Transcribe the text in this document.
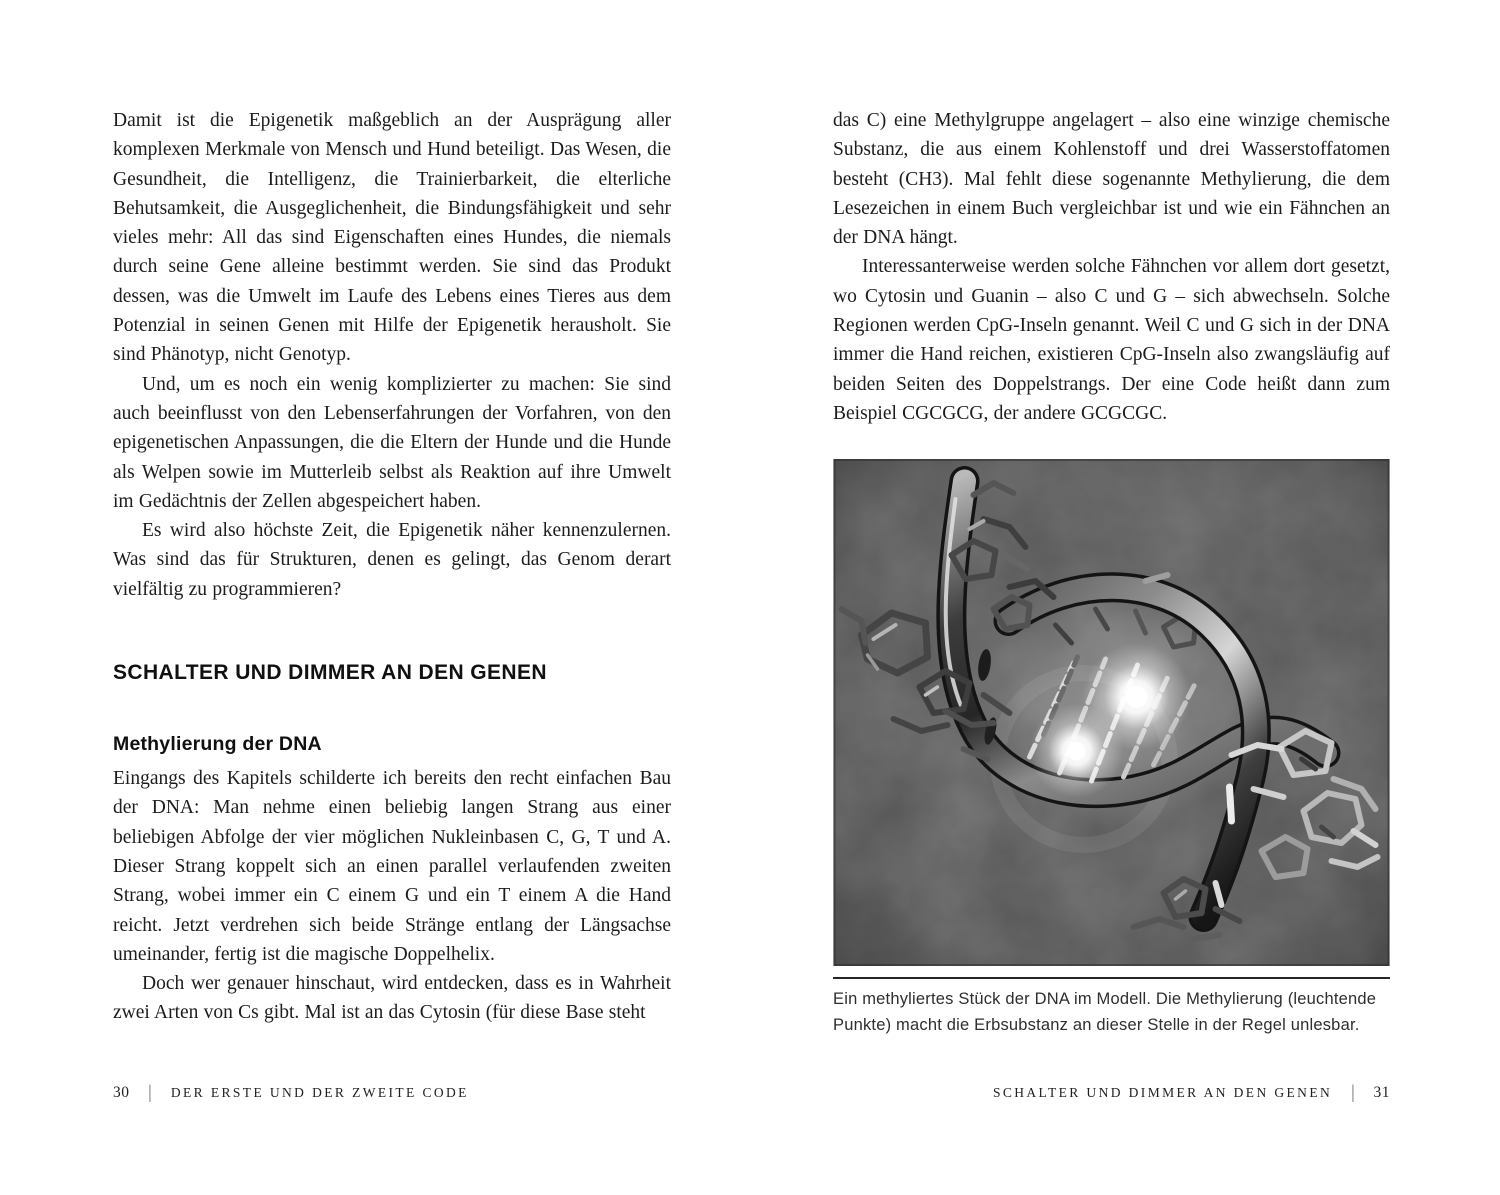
Damit ist die Epigenetik maßgeblich an der Ausprägung aller komplexen Merkmale von Mensch und Hund beteiligt. Das Wesen, die Gesundheit, die Intelligenz, die Trainierbarkeit, die elterliche Behutsamkeit, die Ausgeglichenheit, die Bindungsfähigkeit und sehr vieles mehr: All das sind Eigenschaften eines Hundes, die niemals durch seine Gene alleine bestimmt werden. Sie sind das Produkt dessen, was die Umwelt im Laufe des Lebens eines Tieres aus dem Potenzial in seinen Genen mit Hilfe der Epigenetik herausholt. Sie sind Phänotyp, nicht Genotyp.

Und, um es noch ein wenig komplizierter zu machen: Sie sind auch beeinflusst von den Lebenserfahrungen der Vorfahren, von den epigenetischen Anpassungen, die die Eltern der Hunde und die Hunde als Welpen sowie im Mutterleib selbst als Reaktion auf ihre Umwelt im Gedächtnis der Zellen abgespeichert haben.

Es wird also höchste Zeit, die Epigenetik näher kennenzulernen. Was sind das für Strukturen, denen es gelingt, das Genom derart vielfältig zu programmieren?

SCHALTER UND DIMMER AN DEN GENEN
Methylierung der DNA

Eingangs des Kapitels schilderte ich bereits den recht einfachen Bau der DNA: Man nehme einen beliebig langen Strang aus einer beliebigen Abfolge der vier möglichen Nukleinbasen C, G, T und A. Dieser Strang koppelt sich an einen parallel verlaufenden zweiten Strang, wobei immer ein C einem G und ein T einem A die Hand reicht. Jetzt verdrehen sich beide Stränge entlang der Längsachse umeinander, fertig ist die magische Doppelhelix.

Doch wer genauer hinschaut, wird entdecken, dass es in Wahrheit zwei Arten von Cs gibt. Mal ist an das Cytosin (für diese Base steht

das C) eine Methylgruppe angelagert – also eine winzige chemische Substanz, die aus einem Kohlenstoff und drei Wasserstoffatomen besteht (CH3). Mal fehlt diese sogenannte Methylierung, die dem Lesezeichen in einem Buch vergleichbar ist und wie ein Fähnchen an der DNA hängt.

Interessanterweise werden solche Fähnchen vor allem dort gesetzt, wo Cytosin und Guanin – also C und G – sich abwechseln. Solche Regionen werden CpG-Inseln genannt. Weil C und G sich in der DNA immer die Hand reichen, existieren CpG-Inseln also zwangsläufig auf beiden Seiten des Doppelstrangs. Der eine Code heißt dann zum Beispiel CGCGCG, der andere GCGCGC.

Ein methyliertes Stück der DNA im Modell. Die Methylierung (leuchtende Punkte) macht die Erbsubstanz an dieser Stelle in der Regel unlesbar.
30 | DER ERSTE UND DER ZWEITE CODE	SCHALTER UND DIMMER AN DEN GENEN | 31
